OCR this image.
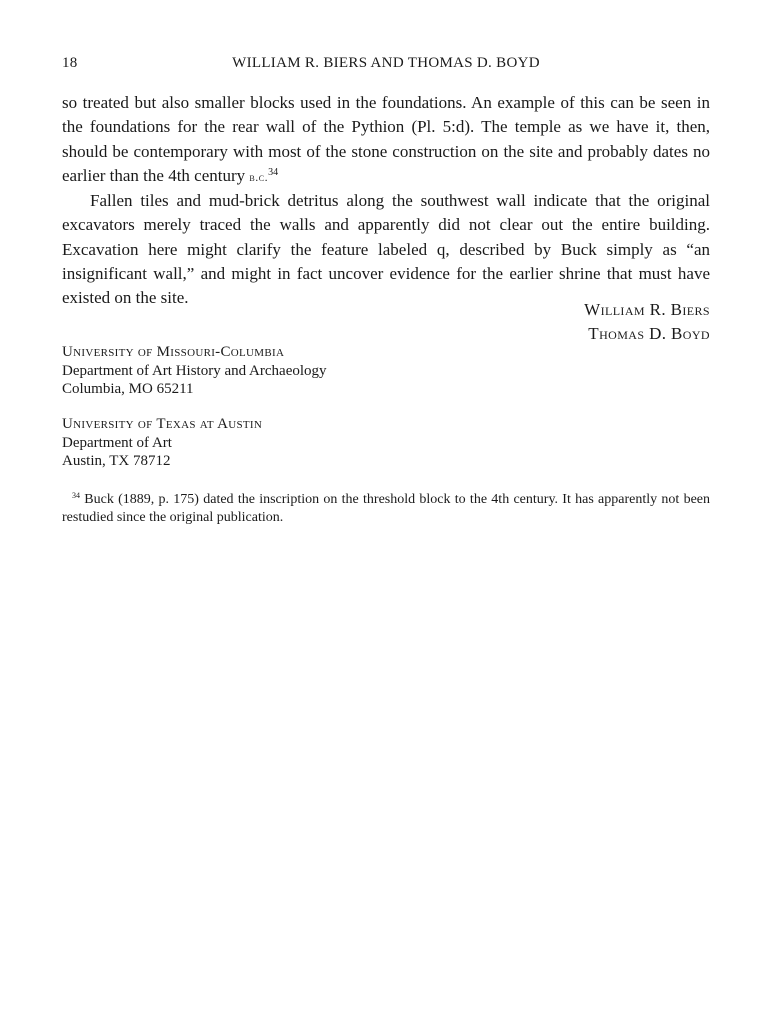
18	WILLIAM R. BIERS AND THOMAS D. BOYD

so treated but also smaller blocks used in the foundations. An example of this can be seen in the foundations for the rear wall of the Pythion (Pl. 5:d). The temple as we have it, then, should be contemporary with most of the stone construction on the site and probably dates no earlier than the 4th century b.c.$^{34}$

Fallen tiles and mud-brick detritus along the southwest wall indicate that the original excavators merely traced the walls and apparently did not clear out the entire building. Excavation here might clarify the feature labeled q, described by Buck simply as “an insignificant wall,” and might in fact uncover evidence for the earlier shrine that must have existed on the site.

William R. Biers
Thomas D. Boyd
University of Missouri-Columbia
Department of Art History and Archaeology
Columbia, MO 65211
University of Texas at Austin
Department of Art
Austin, TX 78712
$^{34}$ Buck (1889, p. 175) dated the inscription on the threshold block to the 4th century. It has apparently not been restudied since the original publication.
